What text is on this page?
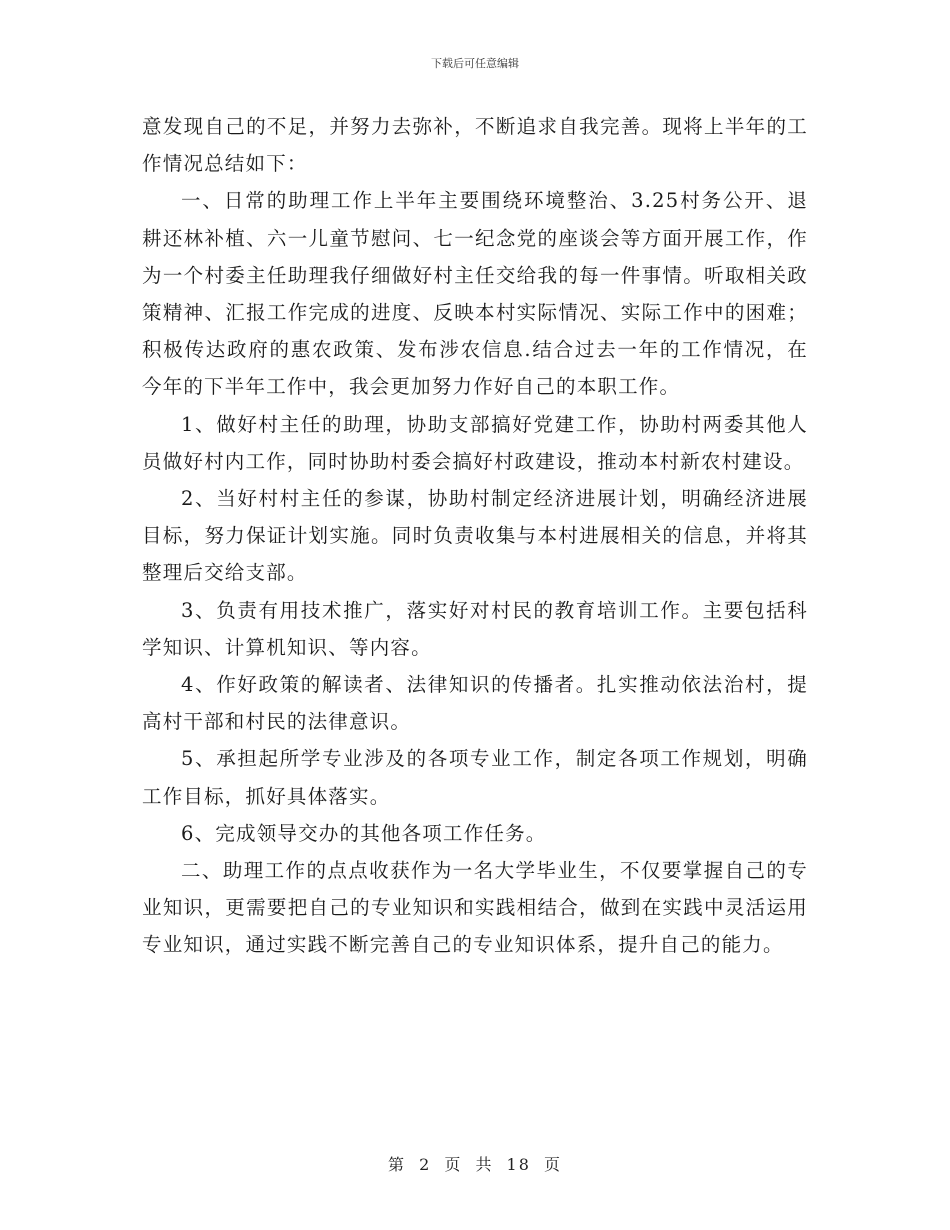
下载后可任意编辑

意发现自己的不足，并努力去弥补，不断追求自我完善。现将上半年的工作情况总结如下：

一、日常的助理工作上半年主要围绕环境整治、3.25村务公开、退耕还林补植、六一儿童节慰问、七一纪念党的座谈会等方面开展工作，作为一个村委主任助理我仔细做好村主任交给我的每一件事情。听取相关政策精神、汇报工作完成的进度、反映本村实际情况、实际工作中的困难；积极传达政府的惠农政策、发布涉农信息.结合过去一年的工作情况，在今年的下半年工作中，我会更加努力作好自己的本职工作。

1、做好村主任的助理，协助支部搞好党建工作，协助村两委其他人员做好村内工作，同时协助村委会搞好村政建设，推动本村新农村建设。

2、当好村村主任的参谋，协助村制定经济进展计划，明确经济进展目标，努力保证计划实施。同时负责收集与本村进展相关的信息，并将其整理后交给支部。

3、负责有用技术推广，落实好对村民的教育培训工作。主要包括科学知识、计算机知识、等内容。

4、作好政策的解读者、法律知识的传播者。扎实推动依法治村，提高村干部和村民的法律意识。

5、承担起所学专业涉及的各项专业工作，制定各项工作规划，明确工作目标，抓好具体落实。

6、完成领导交办的其他各项工作任务。

二、助理工作的点点收获作为一名大学毕业生，不仅要掌握自己的专业知识，更需要把自己的专业知识和实践相结合，做到在实践中灵活运用专业知识，通过实践不断完善自己的专业知识体系，提升自己的能力。

第 2 页 共 18 页
